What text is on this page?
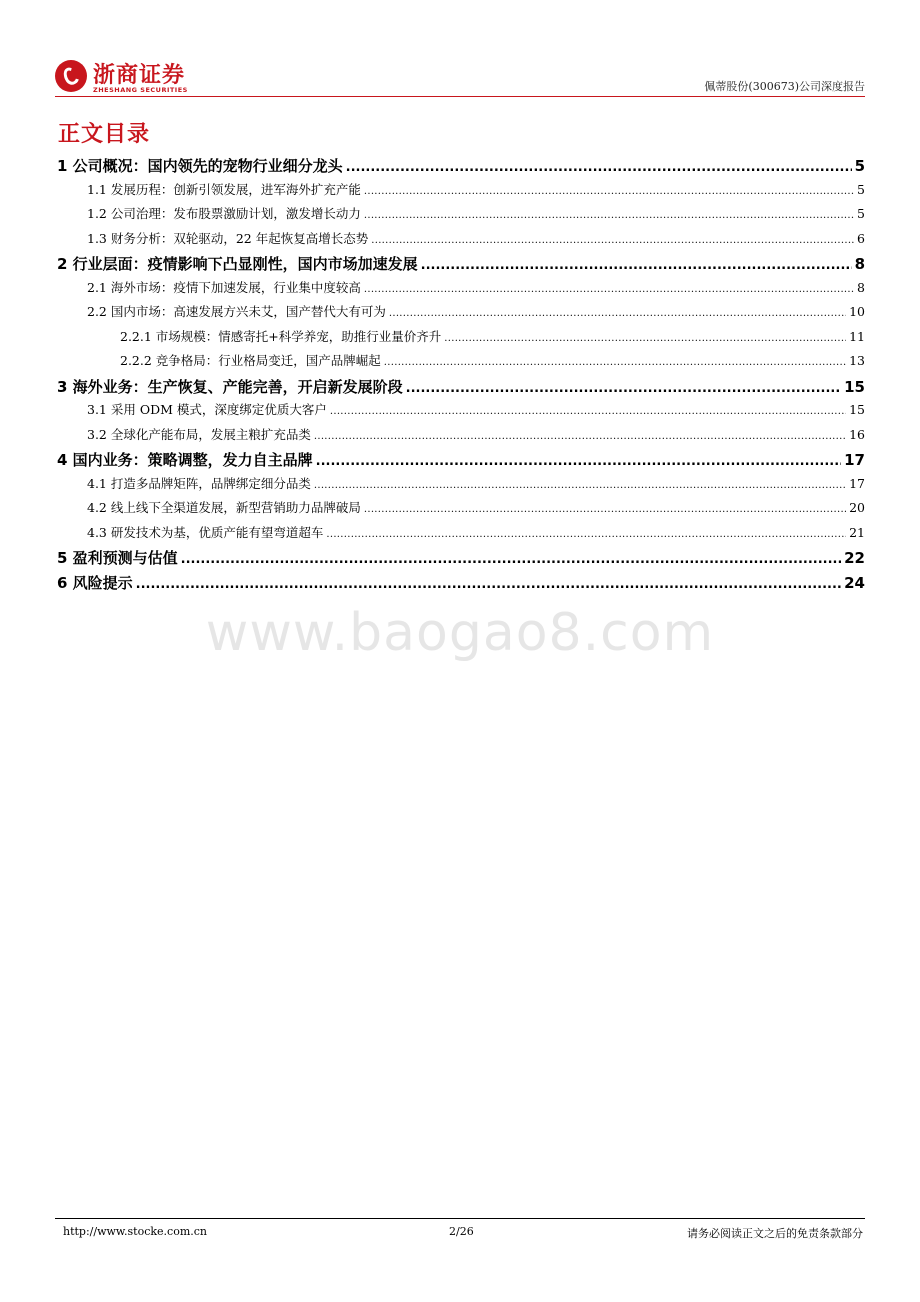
浙商证券
ZHESHANG SECURITIES	佩蒂股份(300673)公司深度报告
正文目录
1 公司概况：国内领先的宠物行业细分龙头 .....	5
1.1 发展历程：创新引领发展，进军海外扩充产能 .....	5
1.2 公司治理：发布股票激励计划，激发增长动力 .....	5
1.3 财务分析：双轮驱动，22 年起恢复高增长态势 .....	6
2 行业层面：疫情影响下凸显刚性，国内市场加速发展 .....	8
2.1 海外市场：疫情下加速发展，行业集中度较高 .....	8
2.2 国内市场：高速发展方兴未艾，国产替代大有可为 .....	10
2.2.1 市场规模：情感寄托+科学养宠，助推行业量价齐升 .....	11
2.2.2 竞争格局：行业格局变迁，国产品牌崛起 .....	13
3 海外业务：生产恢复、产能完善，开启新发展阶段 .....	15
3.1 采用 ODM 模式，深度绑定优质大客户 .....	15
3.2 全球化产能布局，发展主粮扩充品类 .....	16
4 国内业务：策略调整，发力自主品牌 .....	17
4.1 打造多品牌矩阵，品牌绑定细分品类 .....	17
4.2 线上线下全渠道发展，新型营销助力品牌破局 .....	20
4.3 研发技术为基，优质产能有望弯道超车 .....	21
5 盈利预测与估值 .....	22
6 风险提示 .....	24
www.baogao8.com
http://www.stocke.com.cn	2/26	请务必阅读正文之后的免责条款部分
